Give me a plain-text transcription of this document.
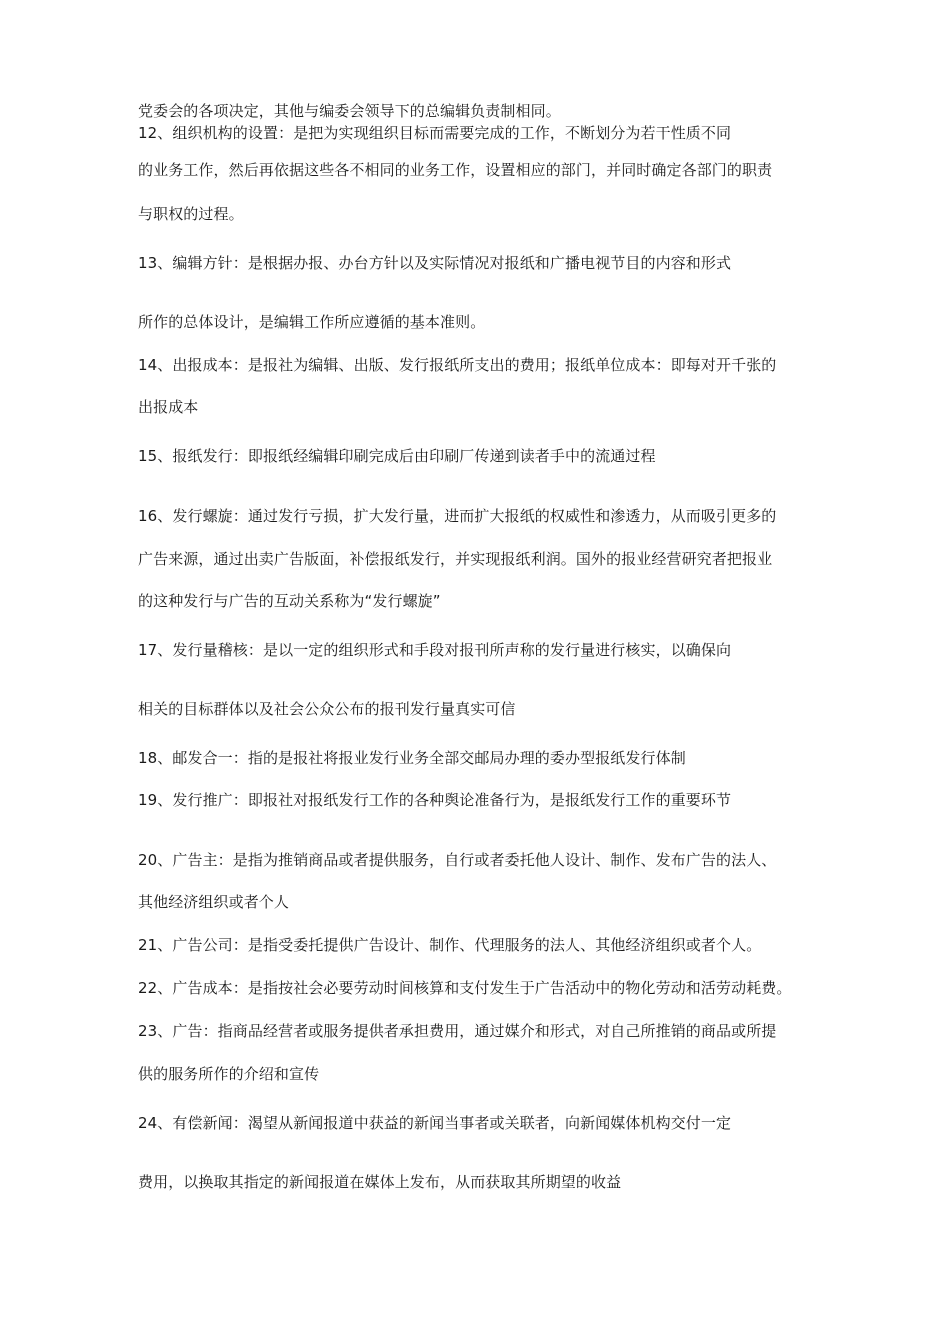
党委会的各项决定，其他与编委会领导下的总编辑负责制相同。
12、组织机构的设置：是把为实现组织目标而需要完成的工作，不断划分为若干性质不同
的业务工作，然后再依据这些各不相同的业务工作，设置相应的部门，并同时确定各部门的职责
与职权的过程。
13、编辑方针：是根据办报、办台方针以及实际情况对报纸和广播电视节目的内容和形式
所作的总体设计，是编辑工作所应遵循的基本准则。
14、出报成本：是报社为编辑、出版、发行报纸所支出的费用；报纸单位成本：即每对开千张的
出报成本
15、报纸发行：即报纸经编辑印刷完成后由印刷厂传递到读者手中的流通过程
16、发行螺旋：通过发行亏损，扩大发行量，进而扩大报纸的权威性和渗透力，从而吸引更多的
广告来源，通过出卖广告版面，补偿报纸发行，并实现报纸利润。国外的报业经营研究者把报业
的这种发行与广告的互动关系称为“发行螺旋”
17、发行量稽核：是以一定的组织形式和手段对报刊所声称的发行量进行核实，以确保向
相关的目标群体以及社会公众公布的报刊发行量真实可信
18、邮发合一：指的是报社将报业发行业务全部交邮局办理的委办型报纸发行体制
19、发行推广：即报社对报纸发行工作的各种舆论准备行为，是报纸发行工作的重要环节
20、广告主：是指为推销商品或者提供服务，自行或者委托他人设计、制作、发布广告的法人、
其他经济组织或者个人
21、广告公司：是指受委托提供广告设计、制作、代理服务的法人、其他经济组织或者个人。
22、广告成本：是指按社会必要劳动时间核算和支付发生于广告活动中的物化劳动和活劳动耗费。
23、广告：指商品经营者或服务提供者承担费用，通过媒介和形式，对自己所推销的商品或所提
供的服务所作的介绍和宣传
24、有偿新闻：渴望从新闻报道中获益的新闻当事者或关联者，向新闻媒体机构交付一定
费用，以换取其指定的新闻报道在媒体上发布，从而获取其所期望的收益
